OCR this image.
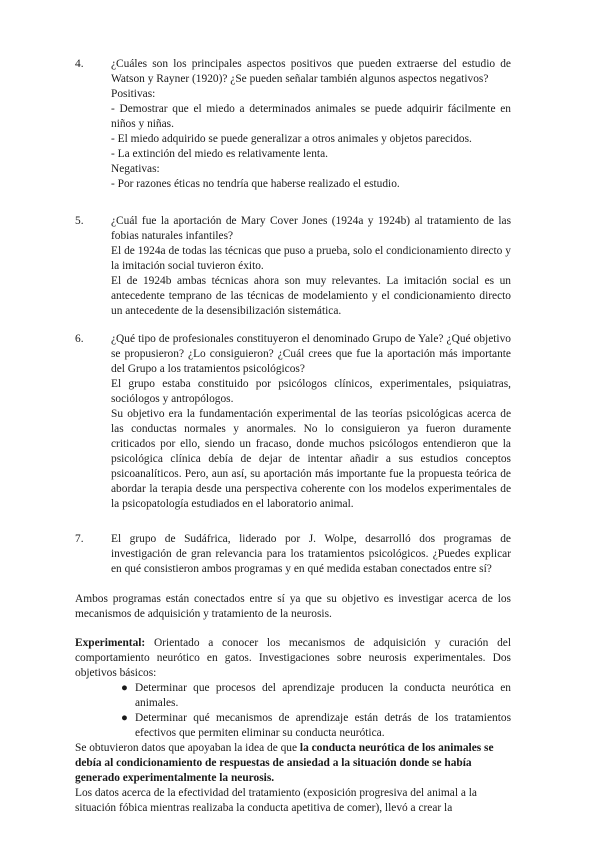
4.	¿Cuáles son los principales aspectos positivos que pueden extraerse del estudio de Watson y Rayner (1920)? ¿Se pueden señalar también algunos aspectos negativos?

Positivas:

- Demostrar que el miedo a determinados animales se puede adquirir fácilmente en niños y niñas.

- El miedo adquirido se puede generalizar a otros animales y objetos parecidos.

- La extinción del miedo es relativamente lenta.

Negativas:

- Por razones éticas no tendría que haberse realizado el estudio.

5.	¿Cuál fue la aportación de Mary Cover Jones (1924a y 1924b) al tratamiento de las fobias naturales infantiles?

El de 1924a de todas las técnicas que puso a prueba, solo el condicionamiento directo y la imitación social tuvieron éxito.

El de 1924b ambas técnicas ahora son muy relevantes. La imitación social es un antecedente temprano de las técnicas de modelamiento y el condicionamiento directo un antecedente de la desensibilización sistemática.

6.	¿Qué tipo de profesionales constituyeron el denominado Grupo de Yale? ¿Qué objetivo se propusieron? ¿Lo consiguieron? ¿Cuál crees que fue la aportación más importante del Grupo a los tratamientos psicológicos?

El grupo estaba constituido por psicólogos clínicos, experimentales, psiquiatras, sociólogos y antropólogos.

Su objetivo era la fundamentación experimental de las teorías psicológicas acerca de las conductas normales y anormales. No lo consiguieron ya fueron duramente criticados por ello, siendo un fracaso, donde muchos psicólogos entendieron que la psicológica clínica debía de dejar de intentar añadir a sus estudios conceptos psicoanalíticos. Pero, aun así, su aportación más importante fue la propuesta teórica de abordar la terapia desde una perspectiva coherente con los modelos experimentales de la psicopatología estudiados en el laboratorio animal.

7.	El grupo de Sudáfrica, liderado por J. Wolpe, desarrolló dos programas de investigación de gran relevancia para los tratamientos psicológicos. ¿Puedes explicar en qué consistieron ambos programas y en qué medida estaban conectados entre sí?

Ambos programas están conectados entre sí ya que su objetivo es investigar acerca de los mecanismos de adquisición y tratamiento de la neurosis.

Experimental: Orientado a conocer los mecanismos de adquisición y curación del comportamiento neurótico en gatos. Investigaciones sobre neurosis experimentales. Dos objetivos básicos:

● Determinar que procesos del aprendizaje producen la conducta neurótica en animales.
● Determinar qué mecanismos de aprendizaje están detrás de los tratamientos efectivos que permiten eliminar su conducta neurótica.

Se obtuvieron datos que apoyaban la idea de que la conducta neurótica de los animales se debía al condicionamiento de respuestas de ansiedad a la situación donde se había generado experimentalmente la neurosis.

Los datos acerca de la efectividad del tratamiento (exposición progresiva del animal a la situación fóbica mientras realizaba la conducta apetitiva de comer), llevó a crear la
